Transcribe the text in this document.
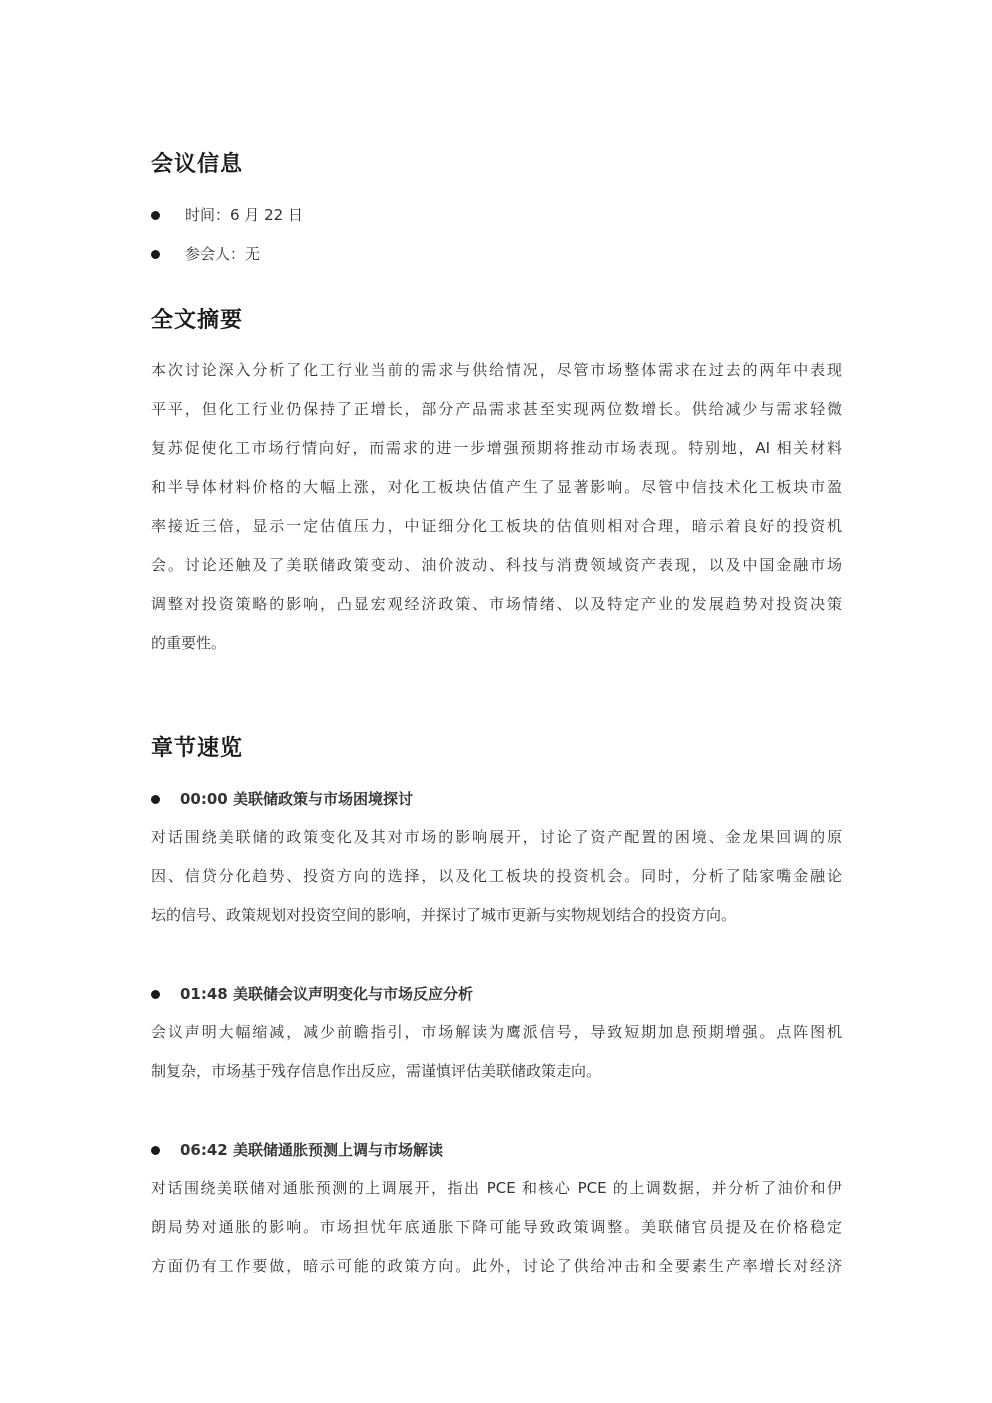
会议信息
时间：6 月 22 日
参会人：无
全文摘要
本次讨论深入分析了化工行业当前的需求与供给情况，尽管市场整体需求在过去的两年中表现
平平，但化工行业仍保持了正增长，部分产品需求甚至实现两位数增长。供给减少与需求轻微
复苏促使化工市场行情向好，而需求的进一步增强预期将推动市场表现。特别地，AI 相关材料
和半导体材料价格的大幅上涨，对化工板块估值产生了显著影响。尽管中信技术化工板块市盈
率接近三倍，显示一定估值压力，中证细分化工板块的估值则相对合理，暗示着良好的投资机
会。讨论还触及了美联储政策变动、油价波动、科技与消费领域资产表现，以及中国金融市场
调整对投资策略的影响，凸显宏观经济政策、市场情绪、以及特定产业的发展趋势对投资决策
的重要性。
章节速览
00:00 美联储政策与市场困境探讨
对话围绕美联储的政策变化及其对市场的影响展开，讨论了资产配置的困境、金龙果回调的原
因、信贷分化趋势、投资方向的选择，以及化工板块的投资机会。同时，分析了陆家嘴金融论
坛的信号、政策规划对投资空间的影响，并探讨了城市更新与实物规划结合的投资方向。
01:48 美联储会议声明变化与市场反应分析
会议声明大幅缩减，减少前瞻指引，市场解读为鹰派信号，导致短期加息预期增强。点阵图机
制复杂，市场基于残存信息作出反应，需谨慎评估美联储政策走向。
06:42 美联储通胀预测上调与市场解读
对话围绕美联储对通胀预测的上调展开，指出 PCE 和核心 PCE 的上调数据，并分析了油价和伊
朗局势对通胀的影响。市场担忧年底通胀下降可能导致政策调整。美联储官员提及在价格稳定
方面仍有工作要做，暗示可能的政策方向。此外，讨论了供给冲击和全要素生产率增长对经济
